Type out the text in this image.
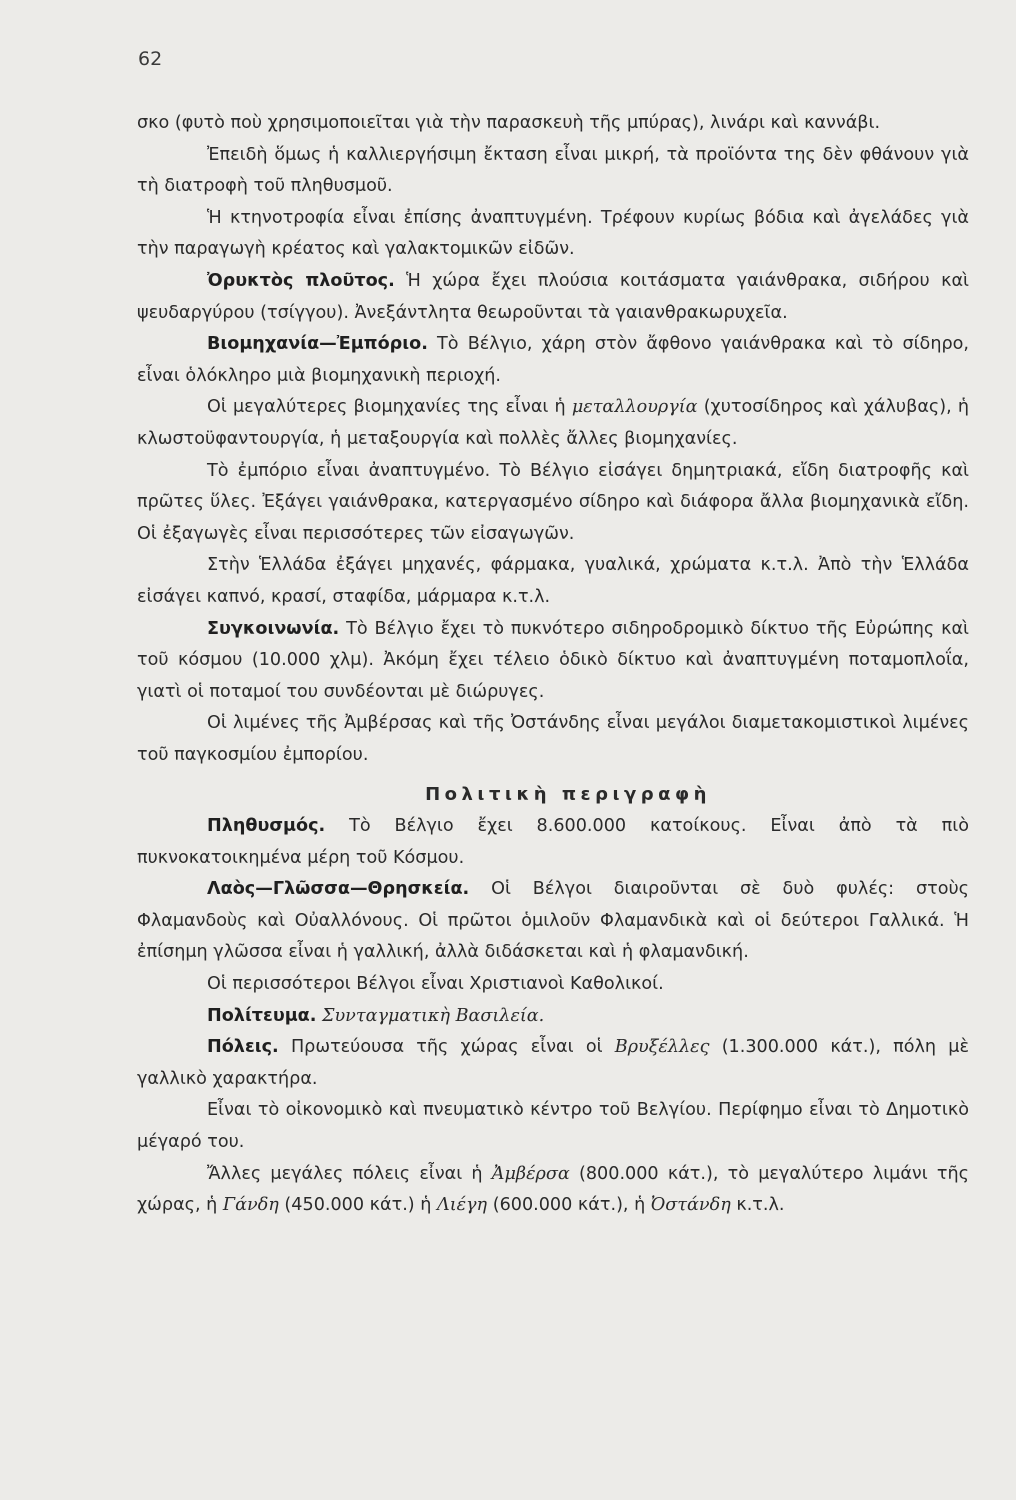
62

σκο (φυτὸ ποὺ χρησιμοποιεῖται γιὰ τὴν παρασκευὴ τῆς μπύρας), λινάρι καὶ καννάβι.

Ἐπειδὴ ὅμως ἡ καλλιεργήσιμη ἔκταση εἶναι μικρή, τὰ προϊόντα της δὲν φθάνουν γιὰ τὴ διατροφὴ τοῦ πληθυσμοῦ.

Ἡ κτηνοτροφία εἶναι ἐπίσης ἀναπτυγμένη. Τρέφουν κυρίως βόδια καὶ ἀγελάδες γιὰ τὴν παραγωγὴ κρέατος καὶ γαλακτομικῶν εἰδῶν.

Ὀρυκτὸς πλοῦτος. Ἡ χώρα ἔχει πλούσια κοιτάσματα γαιάνθρακα, σιδήρου καὶ ψευδαργύρου (τσίγγου). Ἀνεξάντλητα θεωροῦνται τὰ γαιανθρακωρυχεῖα.

Βιομηχανία—Ἐμπόριο. Τὸ Βέλγιο, χάρη στὸν ἄφθονο γαιάνθρακα καὶ τὸ σίδηρο, εἶναι ὁλόκληρο μιὰ βιομηχανικὴ περιοχή.

Οἱ μεγαλύτερες βιομηχανίες της εἶναι ἡ μεταλλουργία (χυτοσίδηρος καὶ χάλυβας), ἡ κλωστοϋφαντουργία, ἡ μεταξουργία καὶ πολλὲς ἄλλες βιομηχανίες.

Τὸ ἐμπόριο εἶναι ἀναπτυγμένο. Τὸ Βέλγιο εἰσάγει δημητριακά, εἴδη διατροφῆς καὶ πρῶτες ὕλες. Ἐξάγει γαιάνθρακα, κατεργασμένο σίδηρο καὶ διάφορα ἄλλα βιομηχανικὰ εἴδη. Οἱ ἐξαγωγὲς εἶναι περισσότερες τῶν εἰσαγωγῶν.

Στὴν Ἑλλάδα ἐξάγει μηχανές, φάρμακα, γυαλικά, χρώματα κ.τ.λ. Ἀπὸ τὴν Ἑλλάδα εἰσάγει καπνό, κρασί, σταφίδα, μάρμαρα κ.τ.λ.

Συγκοινωνία. Τὸ Βέλγιο ἔχει τὸ πυκνότερο σιδηροδρομικὸ δίκτυο τῆς Εὐρώπης καὶ τοῦ κόσμου (10.000 χλμ). Ἀκόμη ἔχει τέλειο ὁδικὸ δίκτυο καὶ ἀναπτυγμένη ποταμοπλοΐα, γιατὶ οἱ ποταμοί του συνδέονται μὲ διώρυγες.

Οἱ λιμένες τῆς Ἀμβέρσας καὶ τῆς Ὀστάνδης εἶναι μεγάλοι διαμετακομιστικοὶ λιμένες τοῦ παγκοσμίου ἐμπορίου.

Πολιτικὴ περιγραφὴ

Πληθυσμός. Τὸ Βέλγιο ἔχει 8.600.000 κατοίκους. Εἶναι ἀπὸ τὰ πιὸ πυκνοκατοικημένα μέρη τοῦ Κόσμου.

Λαὸς—Γλῶσσα—Θρησκεία. Οἱ Βέλγοι διαιροῦνται σὲ δυὸ φυλές: στοὺς Φλαμανδοὺς καὶ Οὐαλλόνους. Οἱ πρῶτοι ὁμιλοῦν Φλαμανδικὰ καὶ οἱ δεύτεροι Γαλλικά. Ἡ ἐπίσημη γλῶσσα εἶναι ἡ γαλλική, ἀλλὰ διδάσκεται καὶ ἡ φλαμανδική.

Οἱ περισσότεροι Βέλγοι εἶναι Χριστιανοὶ Καθολικοί.

Πολίτευμα. Συνταγματικὴ Βασιλεία.

Πόλεις. Πρωτεύουσα τῆς χώρας εἶναι οἱ Βρυξέλλες (1.300.000 κάτ.), πόλη μὲ γαλλικὸ χαρακτήρα.

Εἶναι τὸ οἰκονομικὸ καὶ πνευματικὸ κέντρο τοῦ Βελγίου. Περίφημο εἶναι τὸ Δημοτικὸ μέγαρό του.

Ἄλλες μεγάλες πόλεις εἶναι ἡ Ἀμβέρσα (800.000 κάτ.), τὸ μεγαλύτερο λιμάνι τῆς χώρας, ἡ Γάνδη (450.000 κάτ.) ἡ Λιέγη (600.000 κάτ.), ἡ Ὀστάνδη κ.τ.λ.
